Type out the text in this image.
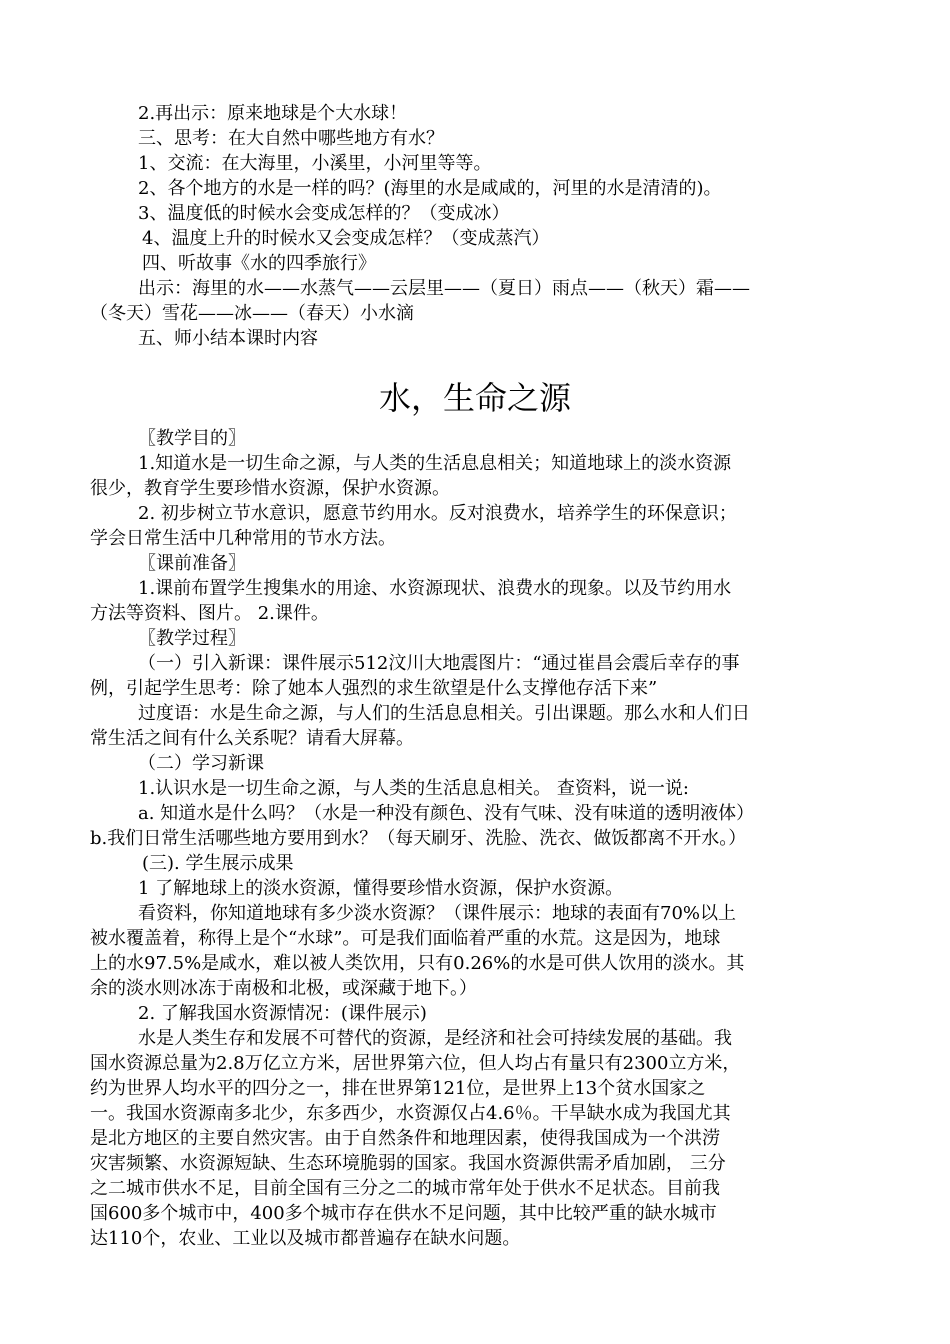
2.再出示：原来地球是个大水球！
三、思考：在大自然中哪些地方有水？
1、交流：在大海里，小溪里，小河里等等。
2、各个地方的水是一样的吗？(海里的水是咸咸的，河里的水是清清的)。
3、温度低的时候水会变成怎样的？（变成冰）
4、温度上升的时候水又会变成怎样？（变成蒸汽）
四、听故事《水的四季旅行》
出示：海里的水——水蒸气——云层里——（夏日）雨点——（秋天）霜——
（冬天）雪花——冰——（春天）小水滴
五、师小结本课时内容
水，生命之源
〖教学目的〗
1.知道水是一切生命之源，与人类的生活息息相关；知道地球上的淡水资源
很少，教育学生要珍惜水资源，保护水资源。
2. 初步树立节水意识，愿意节约用水。反对浪费水，培养学生的环保意识；
学会日常生活中几种常用的节水方法。
〖课前准备〗
1.课前布置学生搜集水的用途、水资源现状、浪费水的现象。以及节约用水
方法等资料、图片。 2.课件。
〖教学过程〗
（一）引入新课：课件展示512汶川大地震图片：“通过崔昌会震后幸存的事
例，引起学生思考：除了她本人强烈的求生欲望是什么支撑他存活下来”
过度语：水是生命之源，与人们的生活息息相关。引出课题。那么水和人们日
常生活之间有什么关系呢？请看大屏幕。
（二）学习新课
1.认识水是一切生命之源，与人类的生活息息相关。 查资料，说一说:
a. 知道水是什么吗？（水是一种没有颜色、没有气味、没有味道的透明液体）
b.我们日常生活哪些地方要用到水？（每天刷牙、洗脸、洗衣、做饭都离不开水。）
(三). 学生展示成果
1 了解地球上的淡水资源，懂得要珍惜水资源，保护水资源。
看资料，你知道地球有多少淡水资源？（课件展示：地球的表面有70%以上
被水覆盖着，称得上是个“水球”。可是我们面临着严重的水荒。这是因为，地球
上的水97.5%是咸水，难以被人类饮用，只有0.26%的水是可供人饮用的淡水。其
余的淡水则冰冻于南极和北极，或深藏于地下。）
2. 了解我国水资源情况：(课件展示)
水是人类生存和发展不可替代的资源，是经济和社会可持续发展的基础。我
国水资源总量为2.8万亿立方米，居世界第六位，但人均占有量只有2300立方米，
约为世界人均水平的四分之一，排在世界第121位，是世界上13个贫水国家之
一。我国水资源南多北少，东多西少，水资源仅占4.6％。干旱缺水成为我国尤其
是北方地区的主要自然灾害。由于自然条件和地理因素，使得我国成为一个洪涝
灾害频繁、水资源短缺、生态环境脆弱的国家。我国水资源供需矛盾加剧， 三分
之二城市供水不足，目前全国有三分之二的城市常年处于供水不足状态。目前我
国600多个城市中，400多个城市存在供水不足问题，其中比较严重的缺水城市
达110个，农业、工业以及城市都普遍存在缺水问题。
